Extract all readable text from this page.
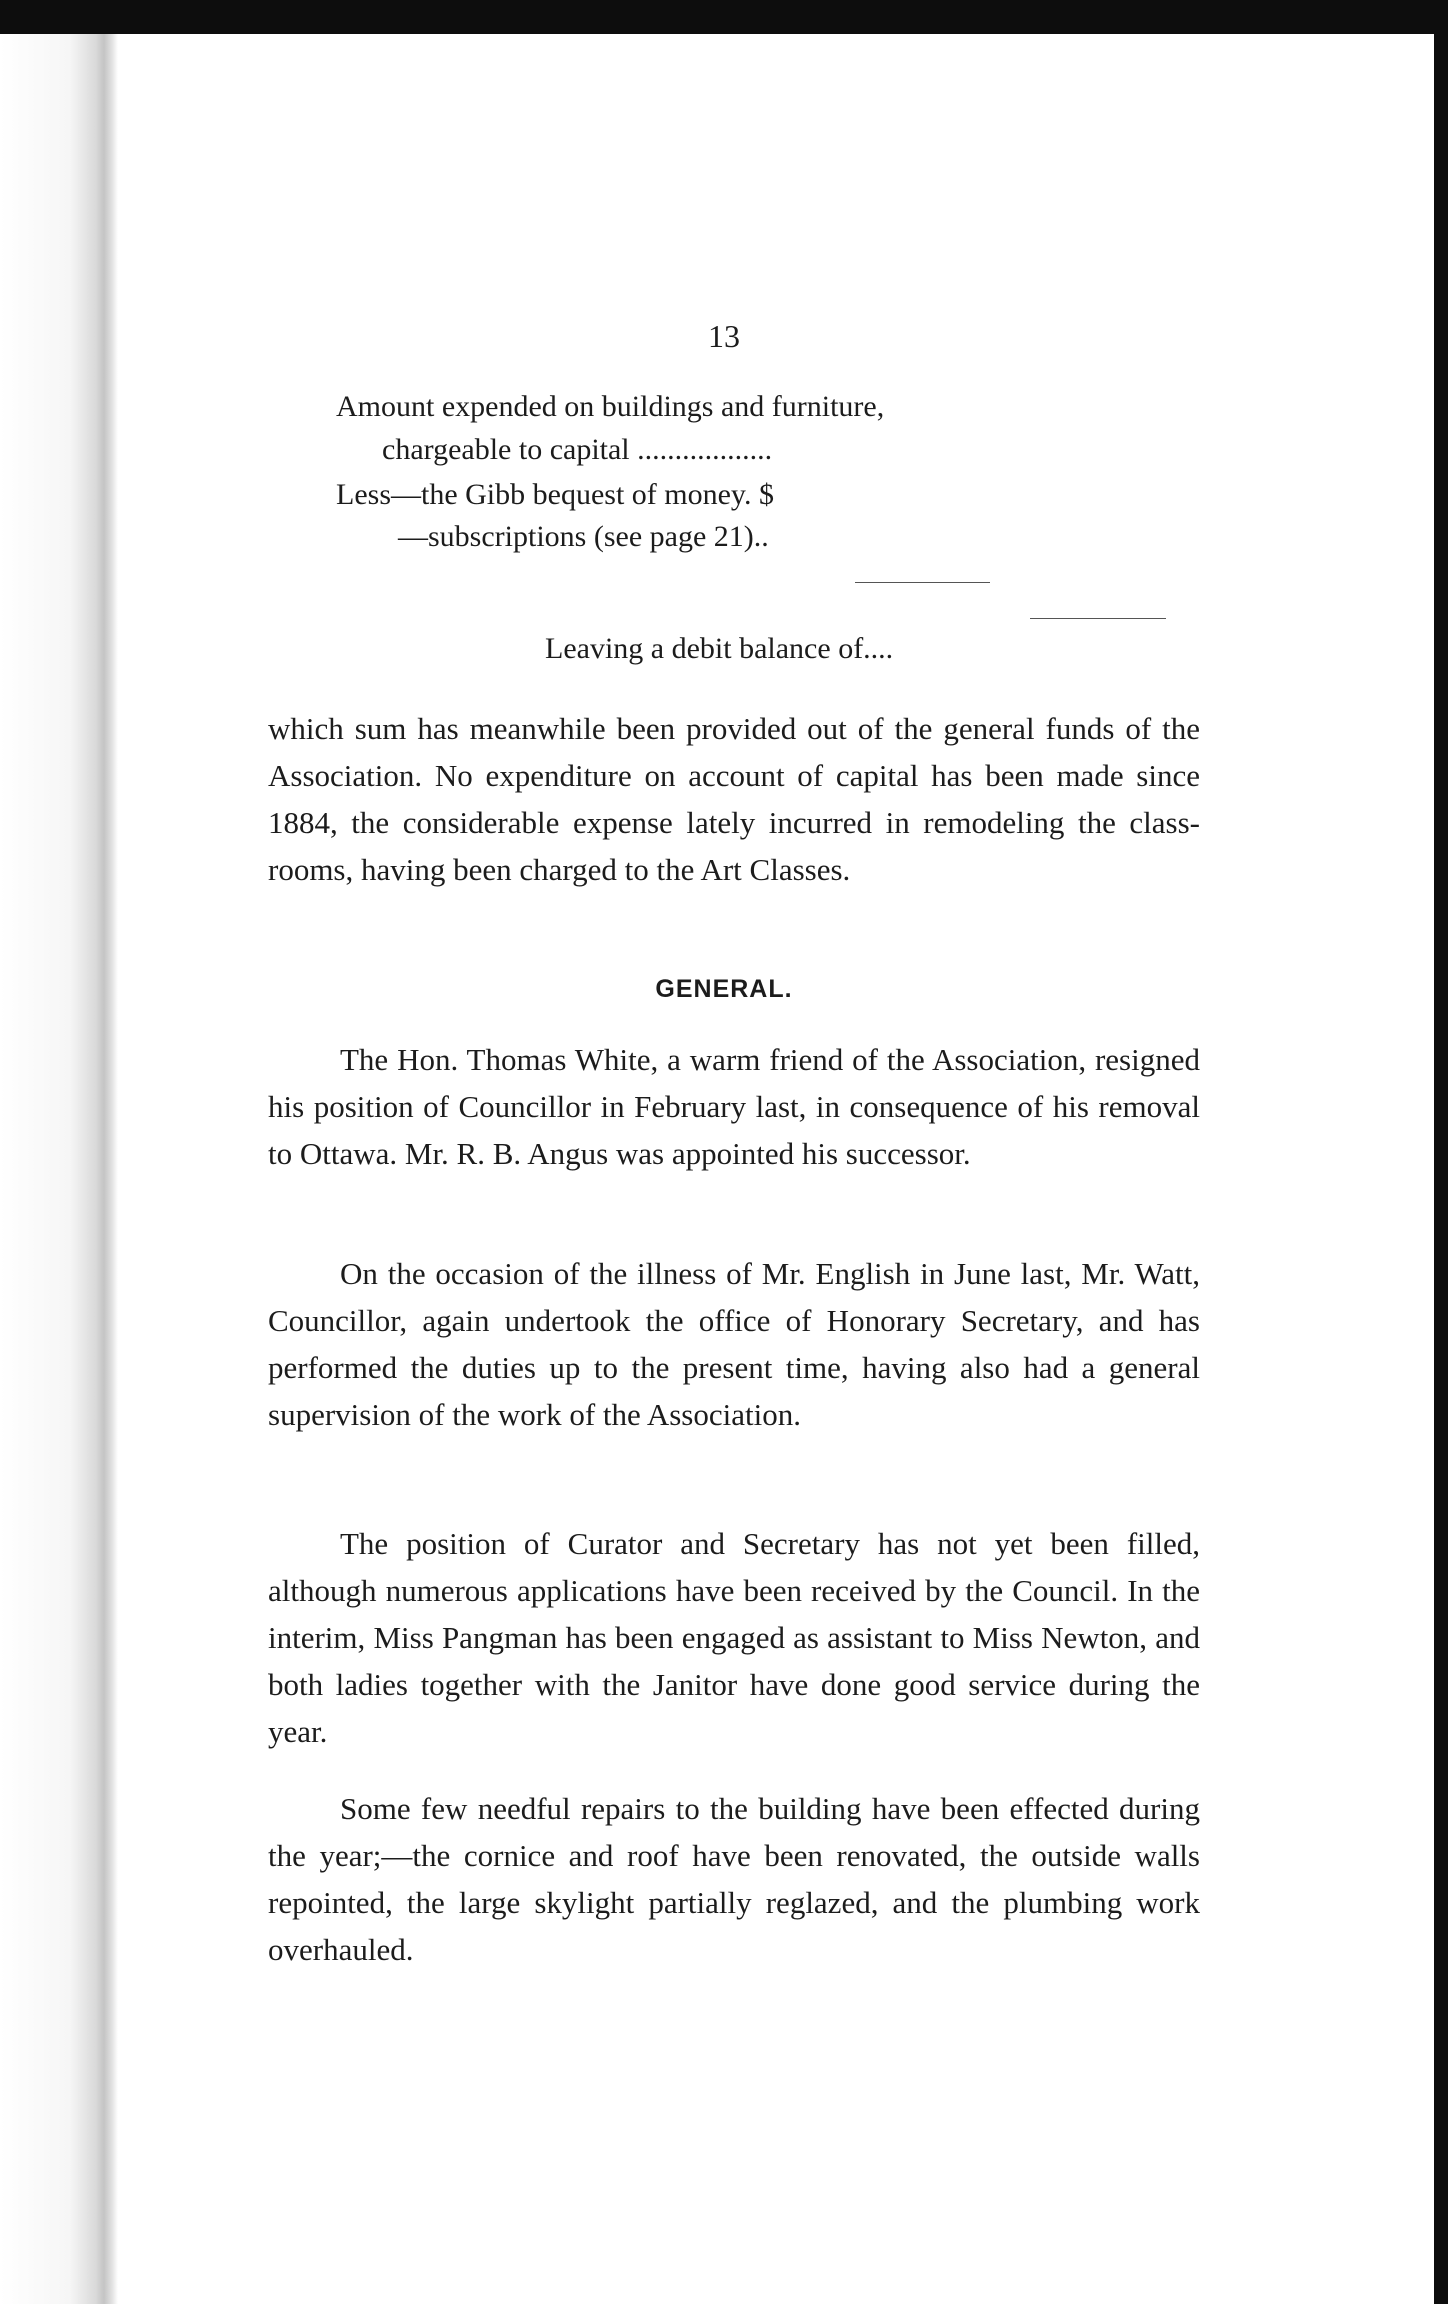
13
Amount expended on buildings and furniture,
chargeable to capital ..................
Less—the Gibb bequest of money. $
—subscriptions (see page 21)..
Leaving a debit balance of....

which sum has meanwhile been provided out of the general funds of the Association. No expenditure on account of capital has been made since 1884, the considerable expense lately incurred in remodeling the class-rooms, having been charged to the Art Classes.

GENERAL.

The Hon. Thomas White, a warm friend of the Association, resigned his position of Councillor in February last, in consequence of his removal to Ottawa. Mr. R. B. Angus was appointed his successor.

On the occasion of the illness of Mr. English in June last, Mr. Watt, Councillor, again undertook the office of Honorary Secretary, and has performed the duties up to the present time, having also had a general supervision of the work of the Association.

The position of Curator and Secretary has not yet been filled, although numerous applications have been received by the Council. In the interim, Miss Pangman has been engaged as assistant to Miss Newton, and both ladies together with the Janitor have done good service during the year.

Some few needful repairs to the building have been effected during the year;—the cornice and roof have been renovated, the outside walls repointed, the large skylight partially reglazed, and the plumbing work overhauled.
